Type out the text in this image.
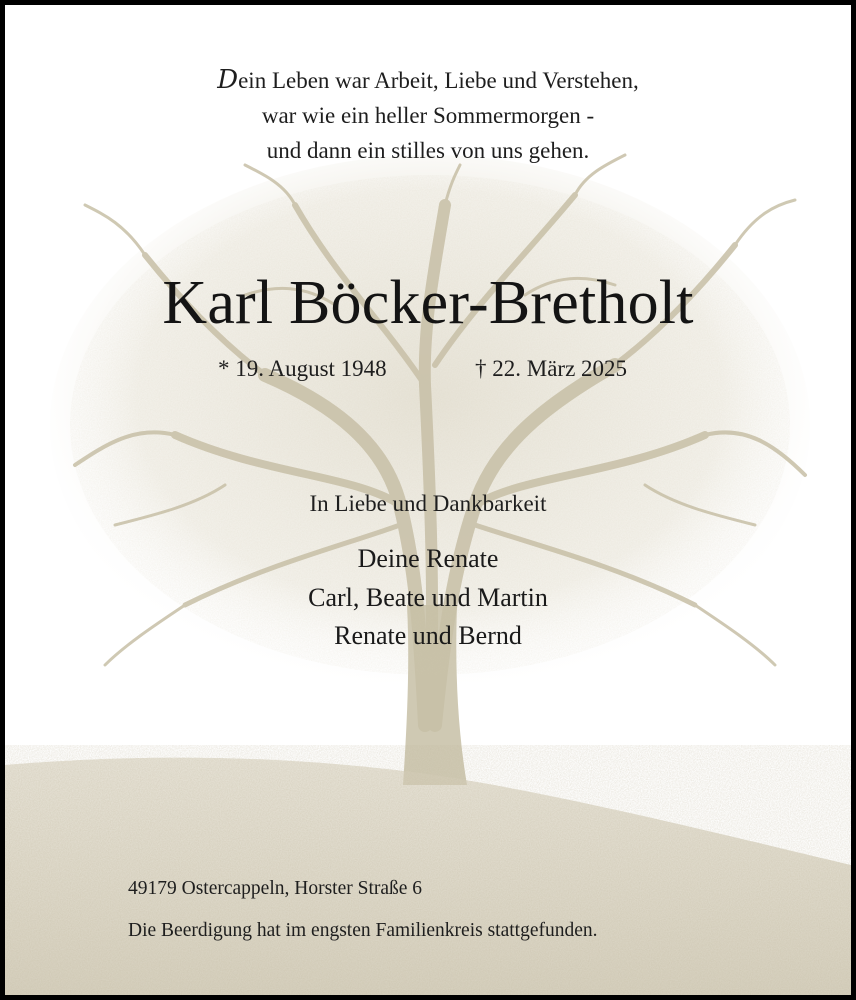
Dein Leben war Arbeit, Liebe und Verstehen,
war wie ein heller Sommermorgen -
und dann ein stilles von uns gehen.

Karl Böcker-Bretholt
* 19. August 1948	† 22. März 2025

In Liebe und Dankbarkeit

Deine Renate
Carl, Beate und Martin
Renate und Bernd

49179 Ostercappeln, Horster Straße 6

Die Beerdigung hat im engsten Familienkreis stattgefunden.
